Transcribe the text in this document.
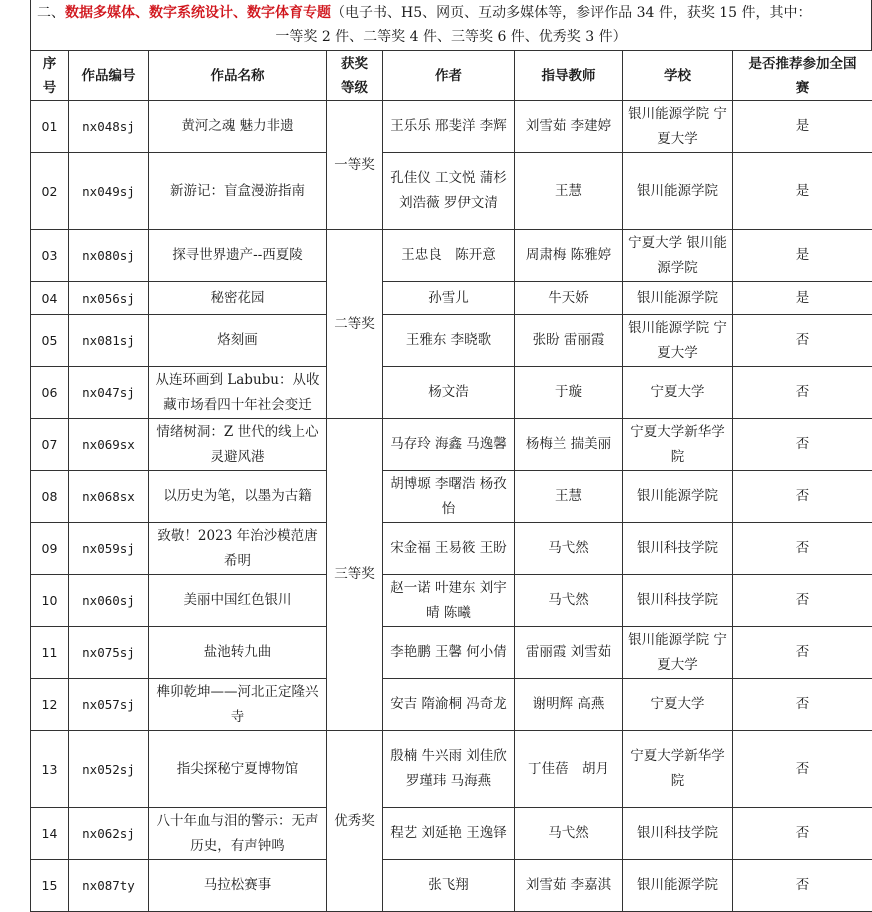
二、数据多媒体、数字系统设计、数字体育专题（电子书、H5、网页、互动多媒体等，参评作品 34 件，获奖 15 件，其中：
一等奖 2 件、二等奖 4 件、三等奖 6 件、优秀奖 3 件）
序号	作品编号	作品名称	获奖等级	作者	指导教师	学校	是否推荐参加全国赛
01	nx048sj	黄河之魂 魅力非遗	一等奖	王乐乐 邢斐洋 李辉	刘雪茹 李建婷	银川能源学院 宁夏大学	是
02	nx049sj	新游记：盲盒漫游指南		孔佳仪 工文悦 蒲杉 刘浩薇 罗伊文清	王慧	银川能源学院	是
03	nx080sj	探寻世界遗产--西夏陵	二等奖	王忠良　陈开意	周肃梅 陈雅婷	宁夏大学 银川能源学院	是
04	nx056sj	秘密花园		孙雪儿	牛天娇	银川能源学院	是
05	nx081sj	烙刻画		王雅东 李晓歌	张盼 雷丽霞	银川能源学院 宁夏大学	否
06	nx047sj	从连环画到 Labubu：从收藏市场看四十年社会变迁		杨文浩	于璇	宁夏大学	否
07	nx069sx	情绪树洞：Z 世代的线上心灵避风港	三等奖	马存玲 海鑫 马逸馨	杨梅兰 揣美丽	宁夏大学新华学院	否
08	nx068sx	以历史为笔，以墨为古籍		胡博塬 李曙浩 杨孜怡	王慧	银川能源学院	否
09	nx059sj	致敬！2023 年治沙模范唐希明		宋金福 王易筱 王盼	马弋然	银川科技学院	否
10	nx060sj	美丽中国红色银川		赵一诺 叶建东 刘宇晴 陈曦	马弋然	银川科技学院	否
11	nx075sj	盐池转九曲		李艳鹏 王馨 何小倩	雷丽霞 刘雪茹	银川能源学院 宁夏大学	否
12	nx057sj	榫卯乾坤——河北正定隆兴寺		安吉 隋渝桐 冯奇龙	谢明辉 高燕	宁夏大学	否
13	nx052sj	指尖探秘宁夏博物馆	优秀奖	殷楠 牛兴雨 刘佳欣 罗瑾玮 马海燕	丁佳蓓　胡月	宁夏大学新华学院	否
14	nx062sj	八十年血与泪的警示：无声历史，有声钟鸣		程艺 刘延艳 王逸铎	马弋然	银川科技学院	否
15	nx087ty	马拉松赛事		张飞翔	刘雪茹 李嘉淇	银川能源学院	否
